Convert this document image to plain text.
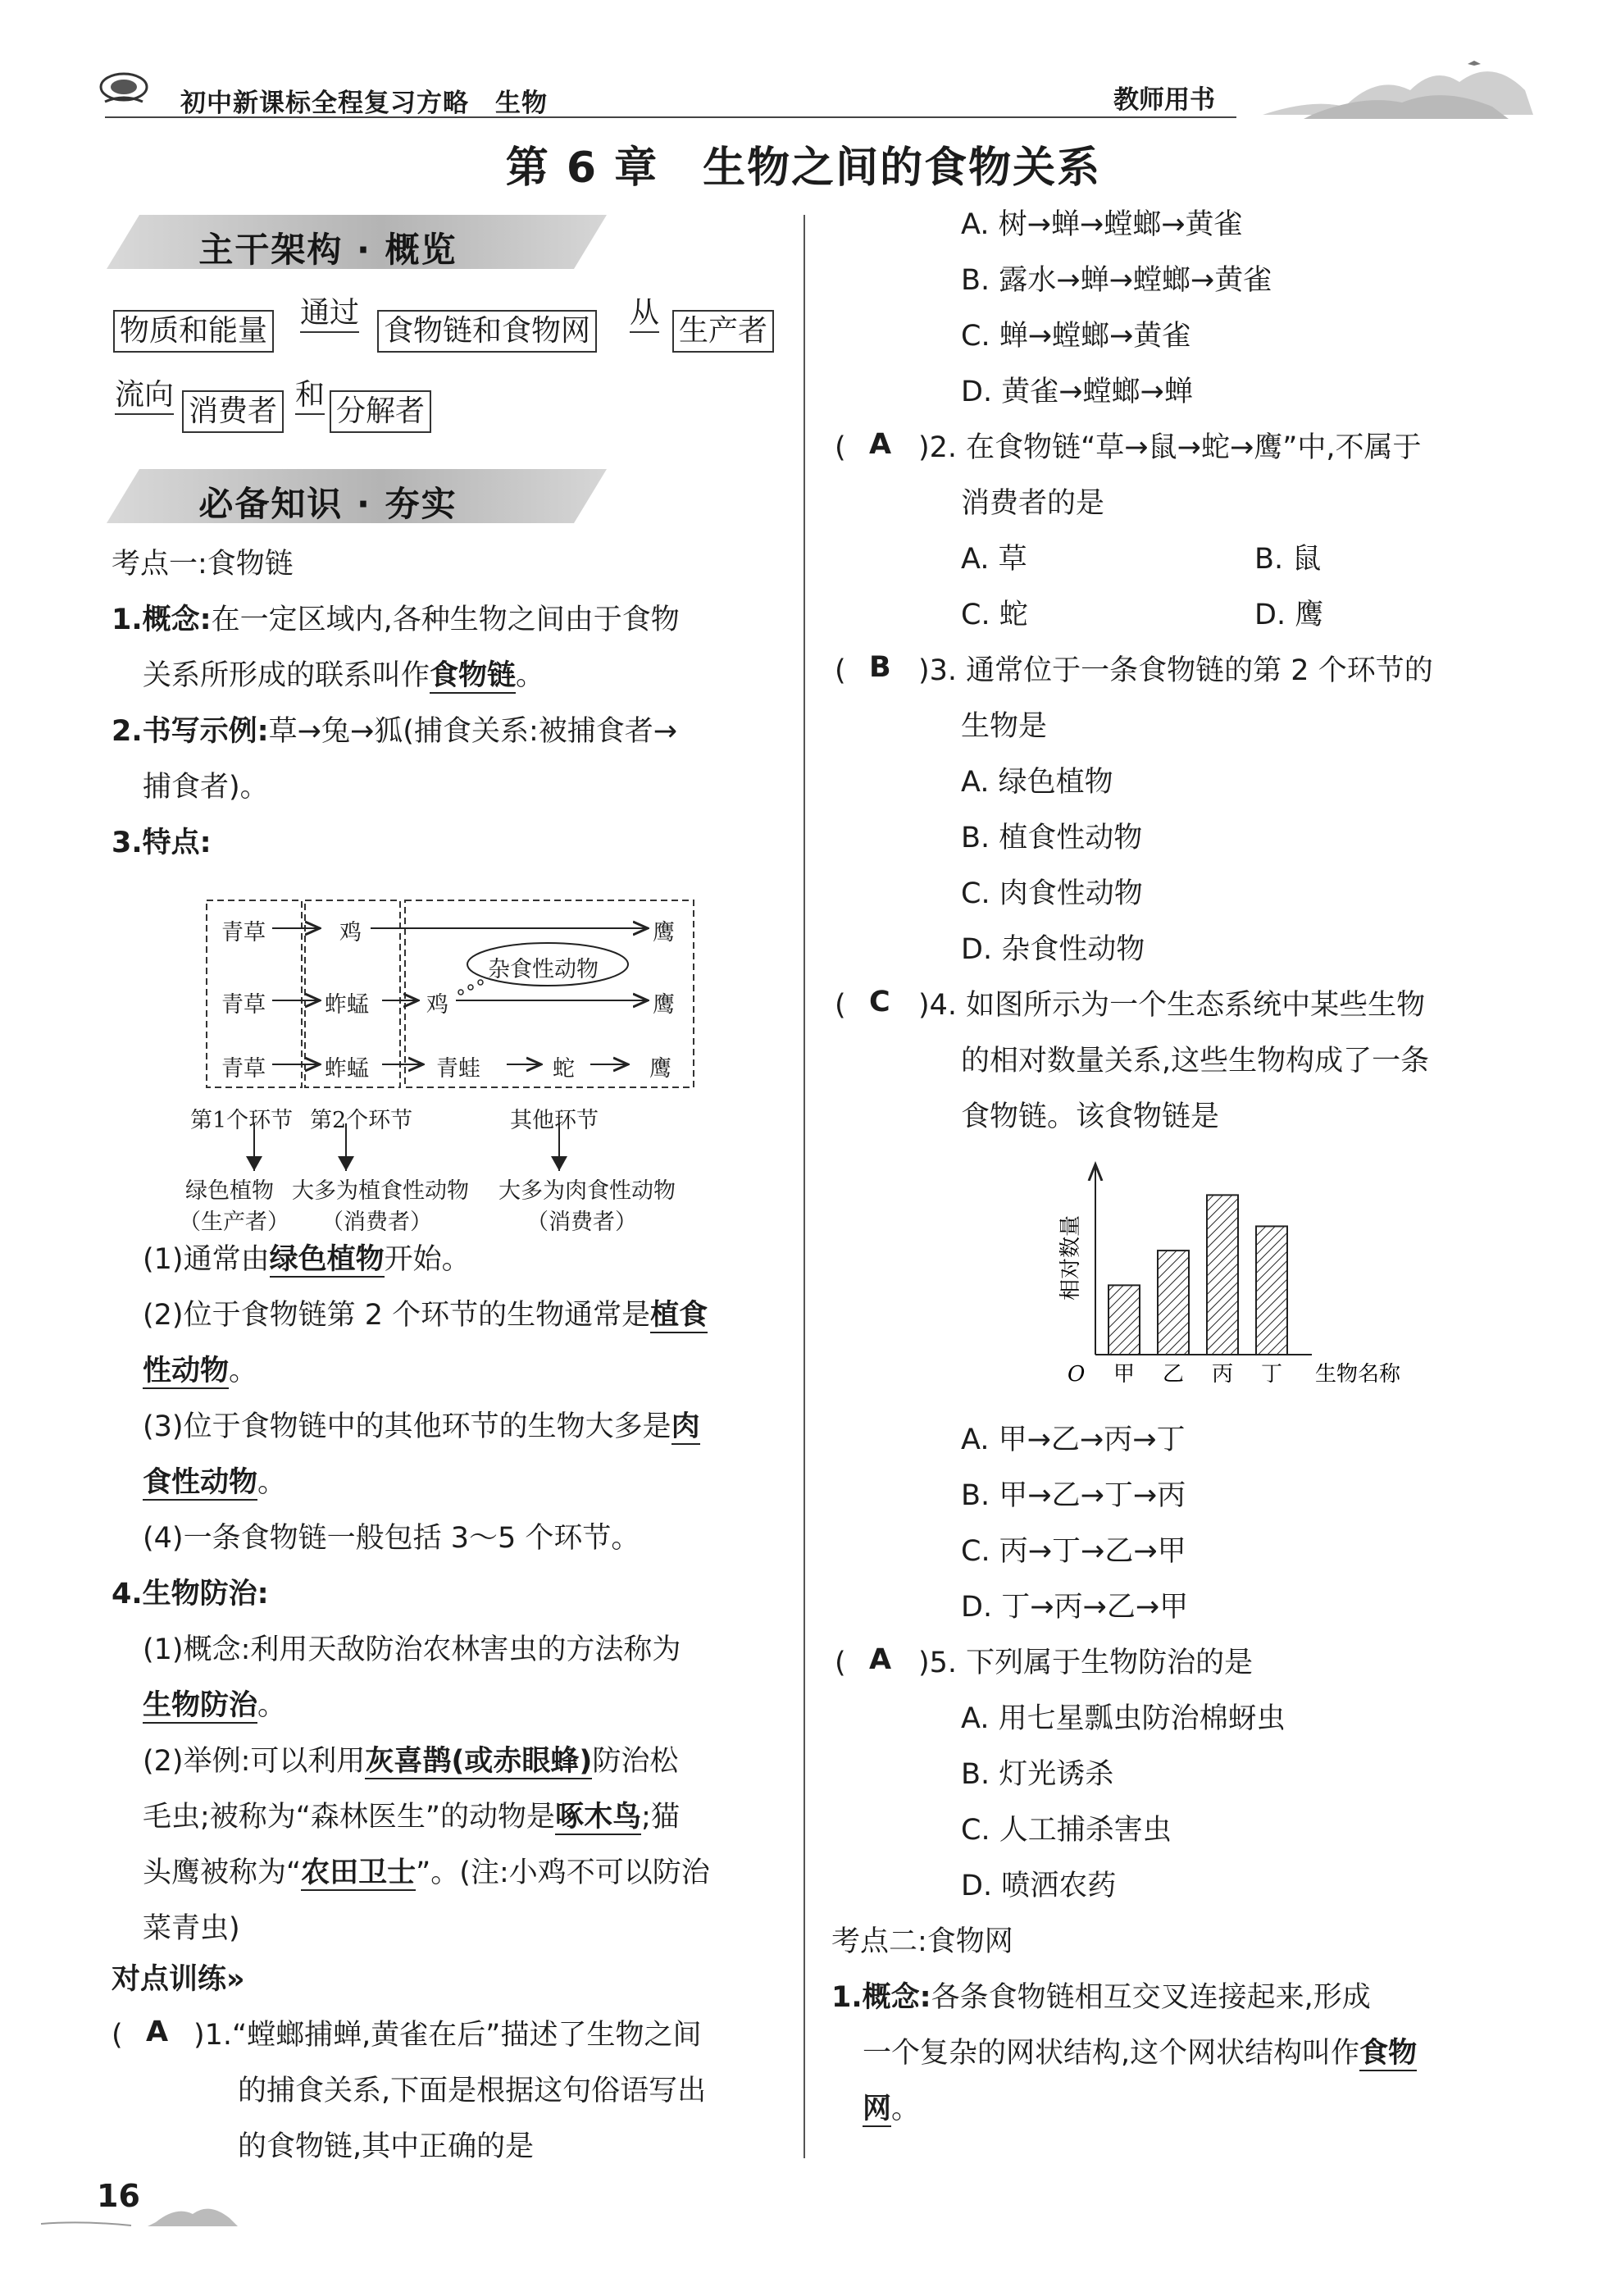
初中新课标全程复习方略　生物	教师用书
第 6 章　生物之间的食物关系
主干架构 · 概览
物质和能量
通过
食物链和食物网
从
生产者
流向 消费者 和 分解者
必备知识 · 夯实
考点一:食物链
1.概念:在一定区域内,各种生物之间由于食物
关系所形成的联系叫作食物链。
2.书写示例:草→兔→狐(捕食关系:被捕食者→
捕食者)。
3.特点:
青草	鸡	鹰
杂食性动物
青草	蚱蜢	鸡	鹰
青草	蚱蜢	青蛙	蛇	鹰
第1个环节 第2个环节	其他环节
绿色植物 大多为植食性动物 大多为肉食性动物
（生产者） （消费者）	（消费者）
(1)通常由绿色植物开始。
(2)位于食物链第 2 个环节的生物通常是植食
性动物。
(3)位于食物链中的其他环节的生物大多是肉
食性动物。
(4)一条食物链一般包括 3～5 个环节。
4.生物防治:
(1)概念:利用天敌防治农林害虫的方法称为
生物防治。
(2)举例:可以利用灰喜鹊(或赤眼蜂)防治松
毛虫;被称为“森林医生”的动物是啄木鸟;猫
头鹰被称为“农田卫士”。(注:小鸡不可以防治
菜青虫)
对点训练»
( A )1.“螳螂捕蝉,黄雀在后”描述了生物之间
的捕食关系,下面是根据这句俗语写出
的食物链,其中正确的是
A. 树→蝉→螳螂→黄雀
B. 露水→蝉→螳螂→黄雀
C. 蝉→螳螂→黄雀
D. 黄雀→螳螂→蝉
( A )2. 在食物链“草→鼠→蛇→鹰”中,不属于
消费者的是
A. 草	B. 鼠
C. 蛇	D. 鹰
( B )3. 通常位于一条食物链的第 2 个环节的
生物是
A. 绿色植物
B. 植食性动物
C. 肉食性动物
D. 杂食性动物
( C )4. 如图所示为一个生态系统中某些生物
的相对数量关系,这些生物构成了一条
食物链。该食物链是
甲 乙 丙 丁
O	生物名称
相对数量
A. 甲→乙→丙→丁
B. 甲→乙→丁→丙
C. 丙→丁→乙→甲
D. 丁→丙→乙→甲
( A )5. 下列属于生物防治的是
A. 用七星瓢虫防治棉蚜虫
B. 灯光诱杀
C. 人工捕杀害虫
D. 喷洒农药
考点二:食物网
1.概念:各条食物链相互交叉连接起来,形成
一个复杂的网状结构,这个网状结构叫作食物
网。
16
